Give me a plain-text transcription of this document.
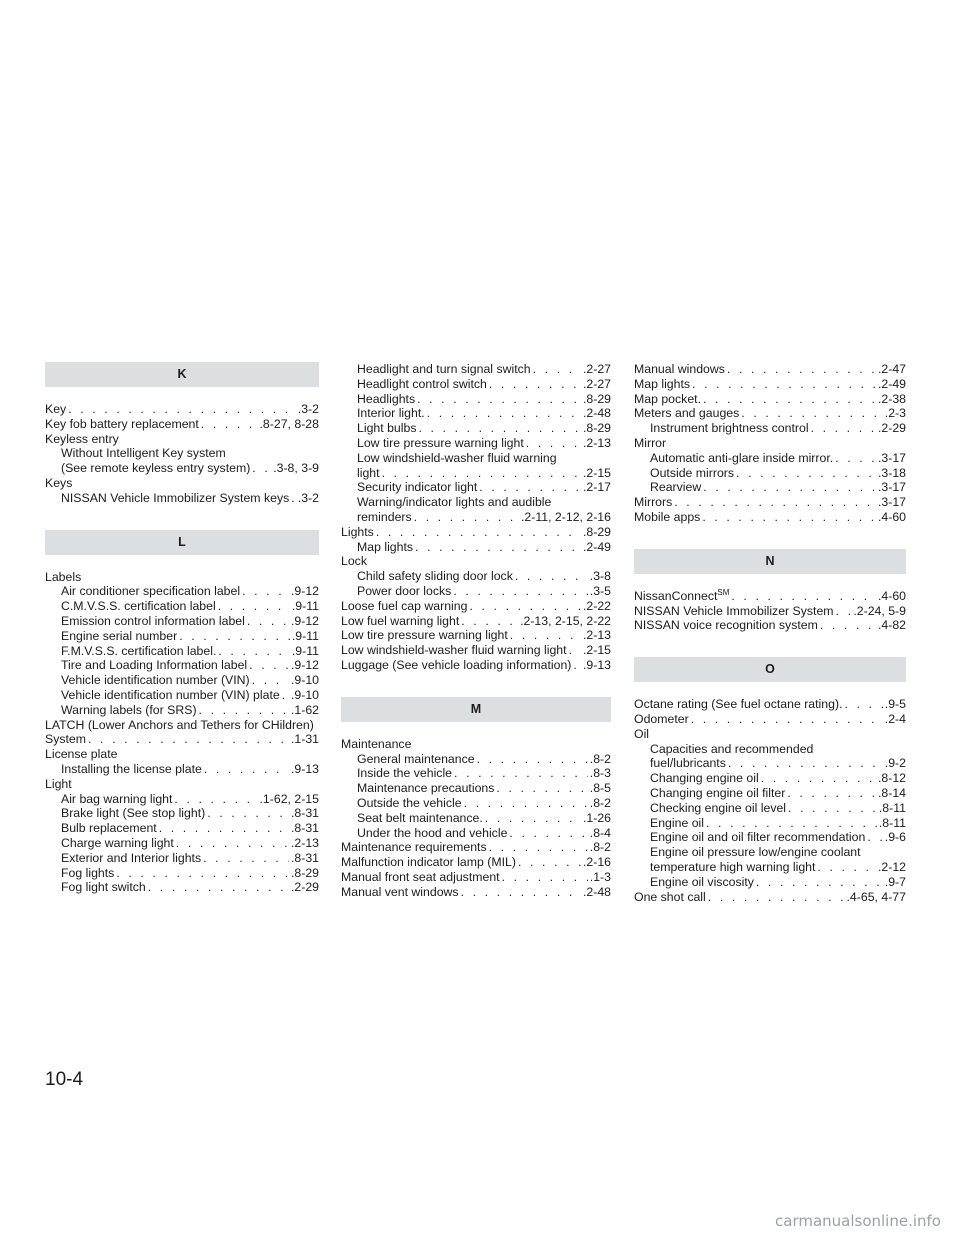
K
Key . . .	.3-2
Key fob battery replacement . . .	.8-27, 8-28
Keyless entry
Without Intelligent Key system
(See remote keyless entry system) . . . .3-8, 3-9
Keys
NISSAN Vehicle Immobilizer System keys . . . .3-2
L
Labels
Air conditioner specification label . . .	.9-12
C.M.V.S.S. certification label . . .	.9-11
Emission control information label . . .	.9-12
Engine serial number . . .	.9-11
F.M.V.S.S. certification label. . . .	.9-11
Tire and Loading Information label . . .	.9-12
Vehicle identification number (VIN) . . .	.9-10
Vehicle identification number (VIN) plate . . . .9-10
Warning labels (for SRS) . . .	.1-62
LATCH (Lower Anchors and Tethers for CHildren)
System . . .	.1-31
License plate
Installing the license plate . . .	.9-13
Light
Air bag warning light . . .	.1-62, 2-15
Brake light (See stop light) . . .	.8-31
Bulb replacement . . .	.8-31
Charge warning light . . .	.2-13
Exterior and Interior lights . . .	.8-31
Fog lights . . .	.8-29
Fog light switch . . .	.2-29
Headlight and turn signal switch . . .	.2-27
Headlight control switch . . .	.2-27
Headlights . . .	.8-29
Interior light. . . .	.2-48
Light bulbs . . .	.8-29
Low tire pressure warning light . . .	.2-13
Low windshield-washer fluid warning
light . . .	.2-15
Security indicator light . . .	.2-17
Warning/indicator lights and audible
reminders . . .	.2-11, 2-12, 2-16
Lights . . .	.8-29
Map lights . . .	.2-49
Lock
Child safety sliding door lock . . .	.3-8
Power door locks . . .	.3-5
Loose fuel cap warning . . .	.2-22
Low fuel warning light . . .	.2-13, 2-15, 2-22
Low tire pressure warning light . . .	.2-13
Low windshield-washer fluid warning light . . . .2-15
Luggage (See vehicle loading information) . . . .9-13
M
Maintenance
General maintenance . . .	.8-2
Inside the vehicle . . .	.8-3
Maintenance precautions . . .	.8-5
Outside the vehicle . . .	.8-2
Seat belt maintenance. . . .	.1-26
Under the hood and vehicle . . .	.8-4
Maintenance requirements . . .	.8-2
Malfunction indicator lamp (MIL) . . .	.2-16
Manual front seat adjustment . . .	.1-3
Manual vent windows . . .	.2-48
Manual windows . . .	.2-47
Map lights . . .	.2-49
Map pocket. . . .	.2-38
Meters and gauges . . .	.2-3
Instrument brightness control . . .	.2-29
Mirror
Automatic anti-glare inside mirror. . . .	.3-17
Outside mirrors . . .	.3-18
Rearview . . .	.3-17
Mirrors . . .	.3-17
Mobile apps . . .	.4-60
N
NissanConnect℠ . . .	.4-60
NISSAN Vehicle Immobilizer System . . . .2-24, 5-9
NISSAN voice recognition system . . .	.4-82
O
Octane rating (See fuel octane rating). . . .	.9-5
Odometer . . .	.2-4
Oil
Capacities and recommended
fuel/lubricants . . .	.9-2
Changing engine oil . . .	.8-12
Changing engine oil filter . . .	.8-14
Checking engine oil level . . .	.8-11
Engine oil . . .	.8-11
Engine oil and oil filter recommendation . . . .9-6
Engine oil pressure low/engine coolant
temperature high warning light . . .	.2-12
Engine oil viscosity . . .	.9-7
One shot call . . .	.4-65, 4-77
10-4
carmanualsonline.info
